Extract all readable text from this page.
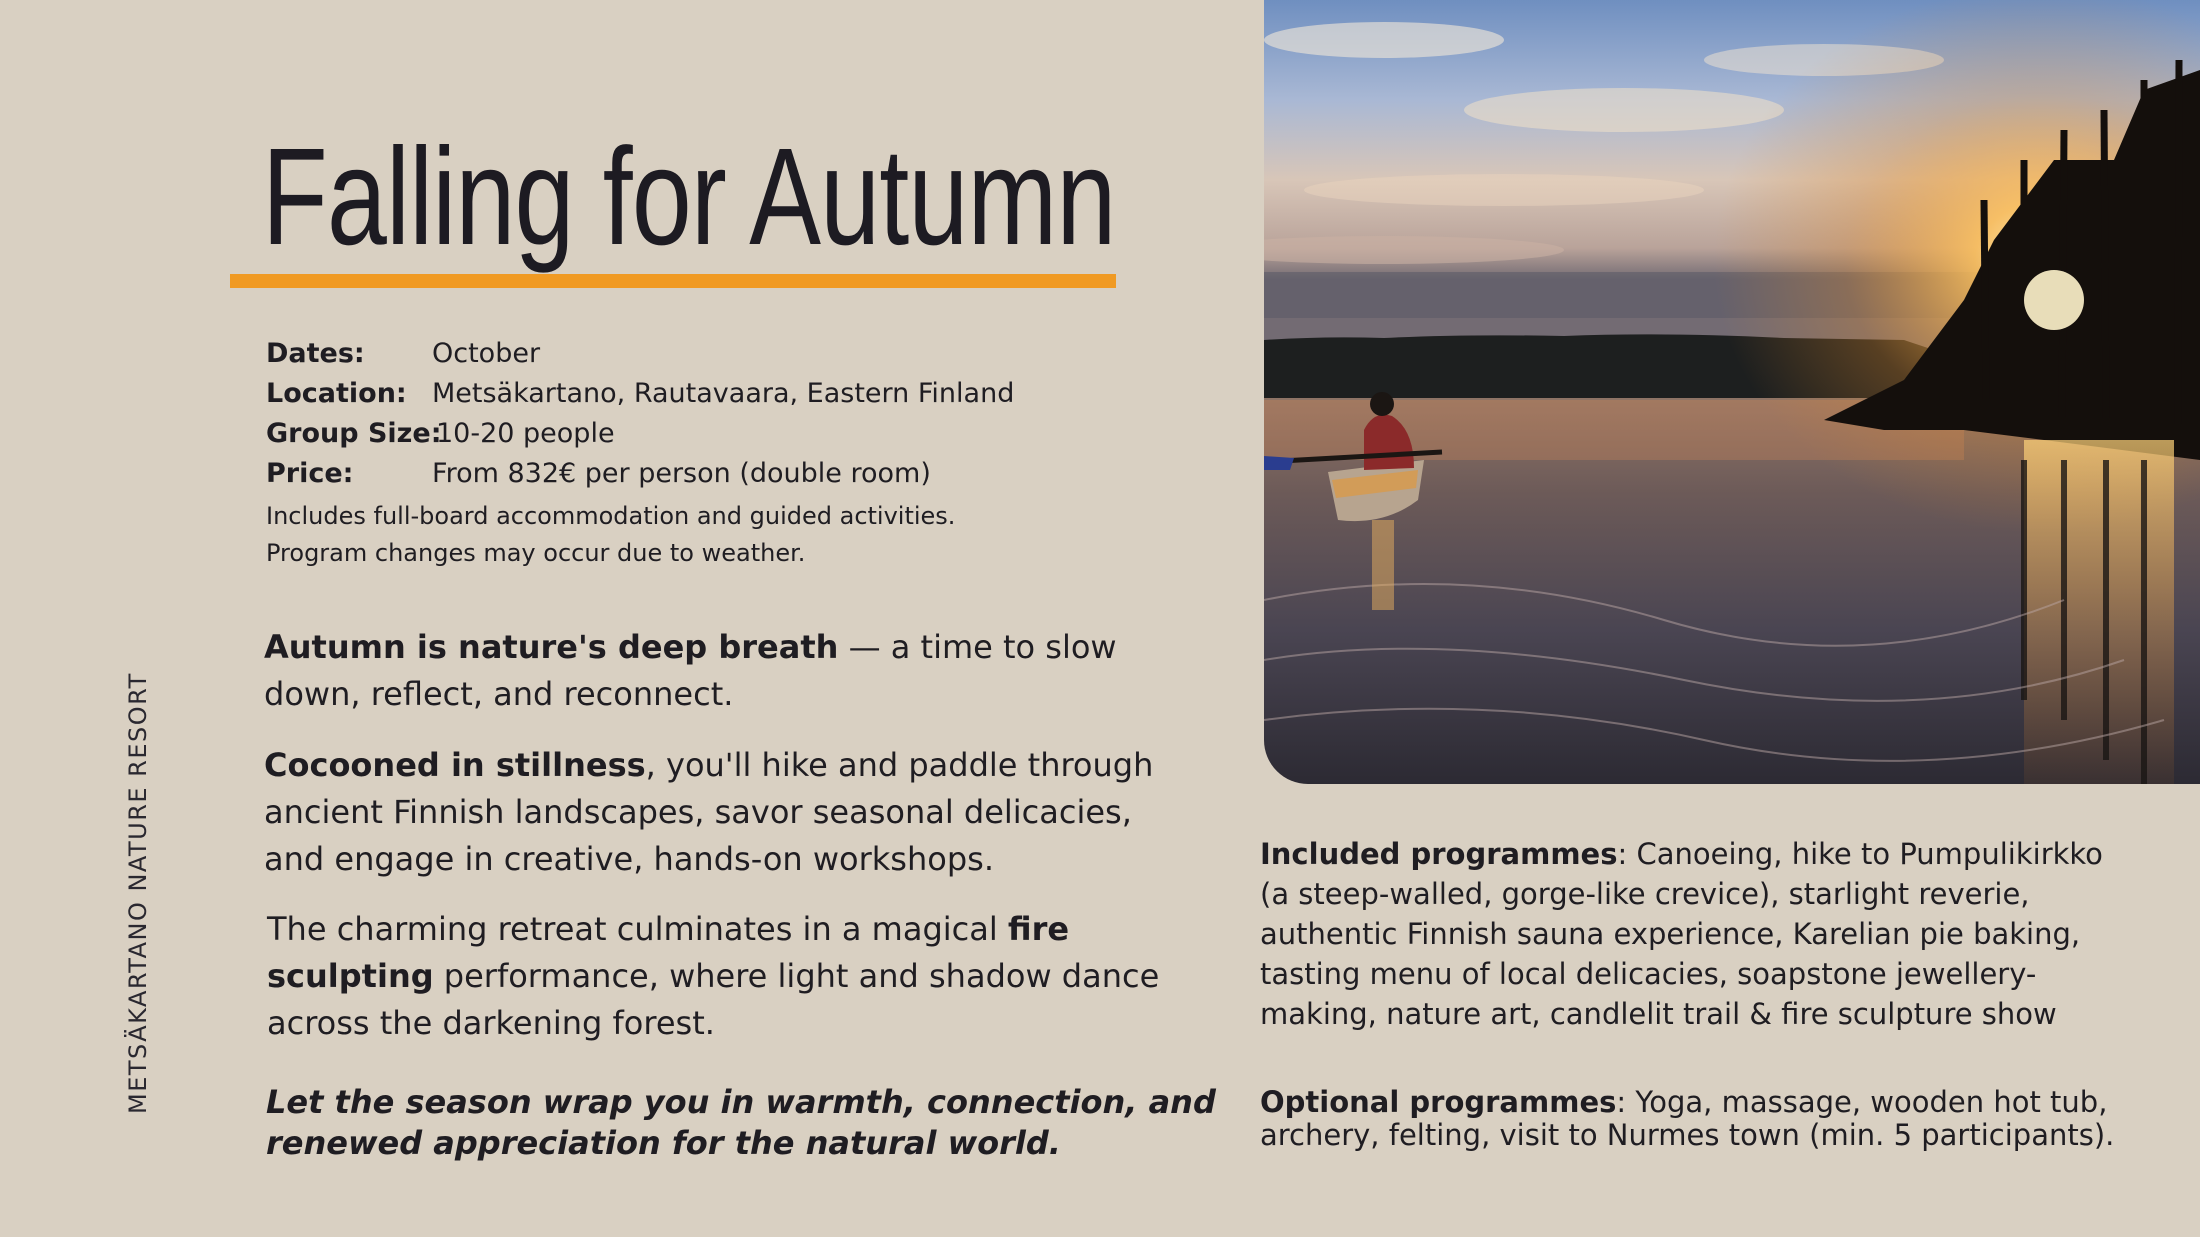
METSÄKARTANO NATURE RESORT
Falling for Autumn
Dates:	October
Location: Metsäkartano, Rautavaara, Eastern Finland
Group Size:
10-20 people
Price:	From 832€ per person (double room)
Includes full-board accommodation and guided activities.
Program changes may occur due to weather.
Autumn is nature's deep breath — a time to slow
down, reflect, and reconnect.
Cocooned in stillness, you'll hike and paddle through
ancient Finnish landscapes, savor seasonal delicacies,
and engage in creative, hands-on workshops.
The charming retreat culminates in a magical fire
sculpting performance, where light and shadow dance
across the darkening forest.
Let the season wrap you in warmth, connection, and
renewed appreciation for the natural world.
Included programmes: Canoeing, hike to Pumpulikirkko
(a steep-walled, gorge-like crevice), starlight reverie,
authentic Finnish sauna experience, Karelian pie baking,
tasting menu of local delicacies, soapstone jewellery-
making, nature art, candlelit trail & fire sculpture show
Optional programmes: Yoga, massage, wooden hot tub,
archery, felting, visit to Nurmes town (min. 5 participants).
